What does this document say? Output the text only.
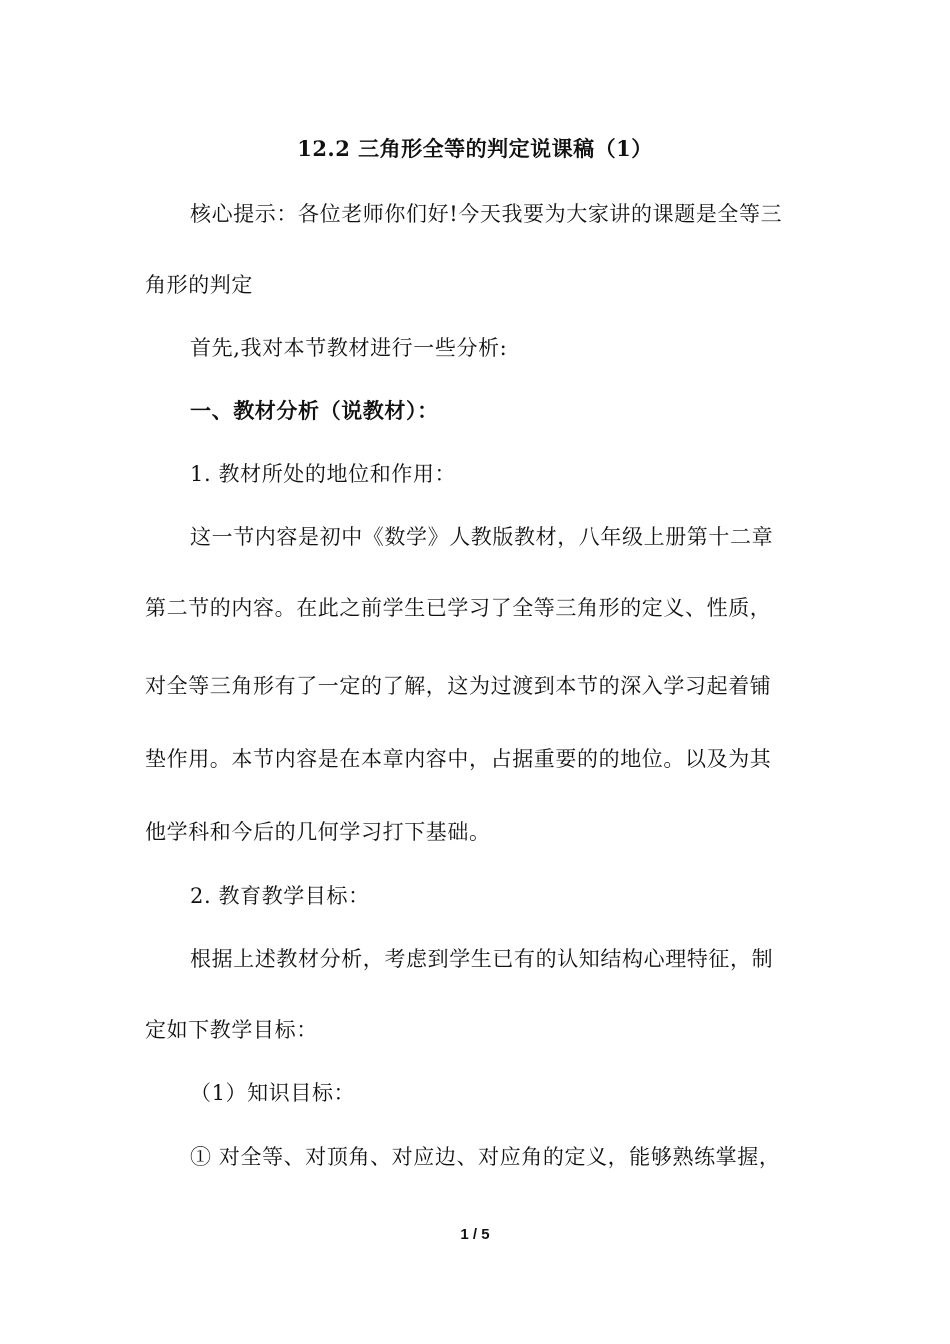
12.2 三角形全等的判定说课稿（1）
核心提示：各位老师你们好!今天我要为大家讲的课题是全等三
角形的判定
首先,我对本节教材进行一些分析:
一、教材分析（说教材）：
1. 教材所处的地位和作用：
这一节内容是初中《数学》人教版教材，八年级上册第十二章
第二节的内容。在此之前学生已学习了全等三角形的定义、性质，
对全等三角形有了一定的了解，这为过渡到本节的深入学习起着铺
垫作用。本节内容是在本章内容中，占据重要的的地位。以及为其
他学科和今后的几何学习打下基础。
2. 教育教学目标：
根据上述教材分析，考虑到学生已有的认知结构心理特征，制
定如下教学目标：
（1）知识目标：
① 对全等、对顶角、对应边、对应角的定义，能够熟练掌握，
1 / 5
